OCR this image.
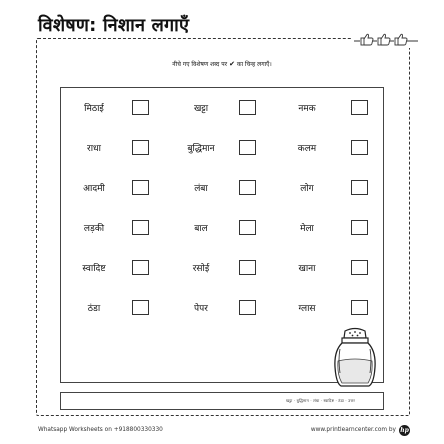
विशेषण: निशान लगाएँ
नीचे गए विशेषण शब्द पर ✔ का चिन्ह लगाएँ।
मिठाई	खट्टा	नमक
राधा	बुद्धिमान	कलम
आदमी	लंबा	लोग
लड़की	बाल	मेला
स्वादिष्ट	रसोई	खाना
ठंडा	पेपर	ग्लास
खट्टा · बुद्धिमान · लंबा · स्वादिष्ट · ठंडा · उत्तर
Whatsapp Worksheets on +918800330330	www.printlearncenter.com by hp
